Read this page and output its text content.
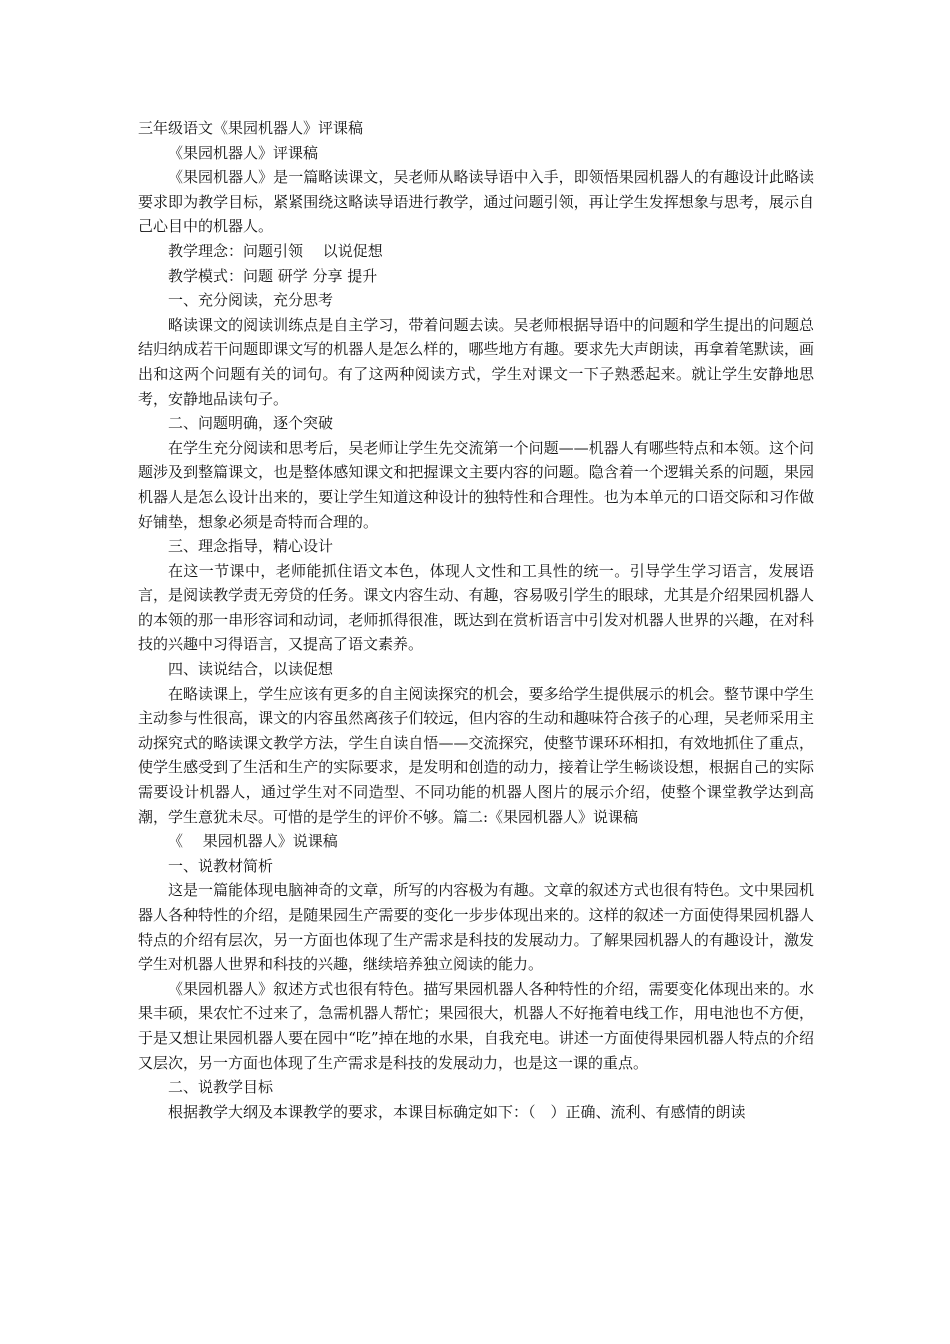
三年级语文《果园机器人》评课稿

《果园机器人》评课稿

《果园机器人》是一篇略读课文，吴老师从略读导语中入手，即领悟果园机器人的有趣设计此略读要求即为教学目标，紧紧围绕这略读导语进行教学，通过问题引领，再让学生发挥想象与思考，展示自己心目中的机器人。

教学理念：问题引领　 以说促想

教学模式：问题 研学 分享 提升

一、充分阅读，充分思考

略读课文的阅读训练点是自主学习，带着问题去读。吴老师根据导语中的问题和学生提出的问题总结归纳成若干问题即课文写的机器人是怎么样的，哪些地方有趣。要求先大声朗读，再拿着笔默读，画出和这两个问题有关的词句。有了这两种阅读方式，学生对课文一下子熟悉起来。就让学生安静地思考，安静地品读句子。

二、问题明确，逐个突破

在学生充分阅读和思考后，吴老师让学生先交流第一个问题——机器人有哪些特点和本领。这个问题涉及到整篇课文，也是整体感知课文和把握课文主要内容的问题。隐含着一个逻辑关系的问题，果园机器人是怎么设计出来的，要让学生知道这种设计的独特性和合理性。也为本单元的口语交际和习作做好铺垫，想象必须是奇特而合理的。

三、理念指导，精心设计

在这一节课中，老师能抓住语文本色，体现人文性和工具性的统一。引导学生学习语言，发展语言，是阅读教学责无旁贷的任务。课文内容生动、有趣，容易吸引学生的眼球，尤其是介绍果园机器人的本领的那一串形容词和动词，老师抓得很准，既达到在赏析语言中引发对机器人世界的兴趣，在对科技的兴趣中习得语言，又提高了语文素养。

四、读说结合，以读促想

在略读课上，学生应该有更多的自主阅读探究的机会，要多给学生提供展示的机会。整节课中学生主动参与性很高，课文的内容虽然离孩子们较远，但内容的生动和趣味符合孩子的心理，吴老师采用主动探究式的略读课文教学方法，学生自读自悟——交流探究，使整节课环环相扣，有效地抓住了重点，使学生感受到了生活和生产的实际要求，是发明和创造的动力，接着让学生畅谈设想，根据自己的实际需要设计机器人，通过学生对不同造型、不同功能的机器人图片的展示介绍，使整个课堂教学达到高潮，学生意犹未尽。可惜的是学生的评价不够。篇二:《果园机器人》说课稿

《　 果园机器人》说课稿

一、说教材简析

这是一篇能体现电脑神奇的文章，所写的内容极为有趣。文章的叙述方式也很有特色。文中果园机器人各种特性的介绍，是随果园生产需要的变化一步步体现出来的。这样的叙述一方面使得果园机器人特点的介绍有层次，另一方面也体现了生产需求是科技的发展动力。了解果园机器人的有趣设计，激发学生对机器人世界和科技的兴趣，继续培养独立阅读的能力。

《果园机器人》叙述方式也很有特色。描写果园机器人各种特性的介绍，需要变化体现出来的。水果丰硕，果农忙不过来了，急需机器人帮忙；果园很大，机器人不好拖着电线工作，用电池也不方便，于是又想让果园机器人要在园中“吃”掉在地的水果，自我充电。讲述一方面使得果园机器人特点的介绍又层次，另一方面也体现了生产需求是科技的发展动力，也是这一课的重点。

二、说教学目标

根据教学大纲及本课教学的要求，本课目标确定如下：（　）正确、流利、有感情的朗读
